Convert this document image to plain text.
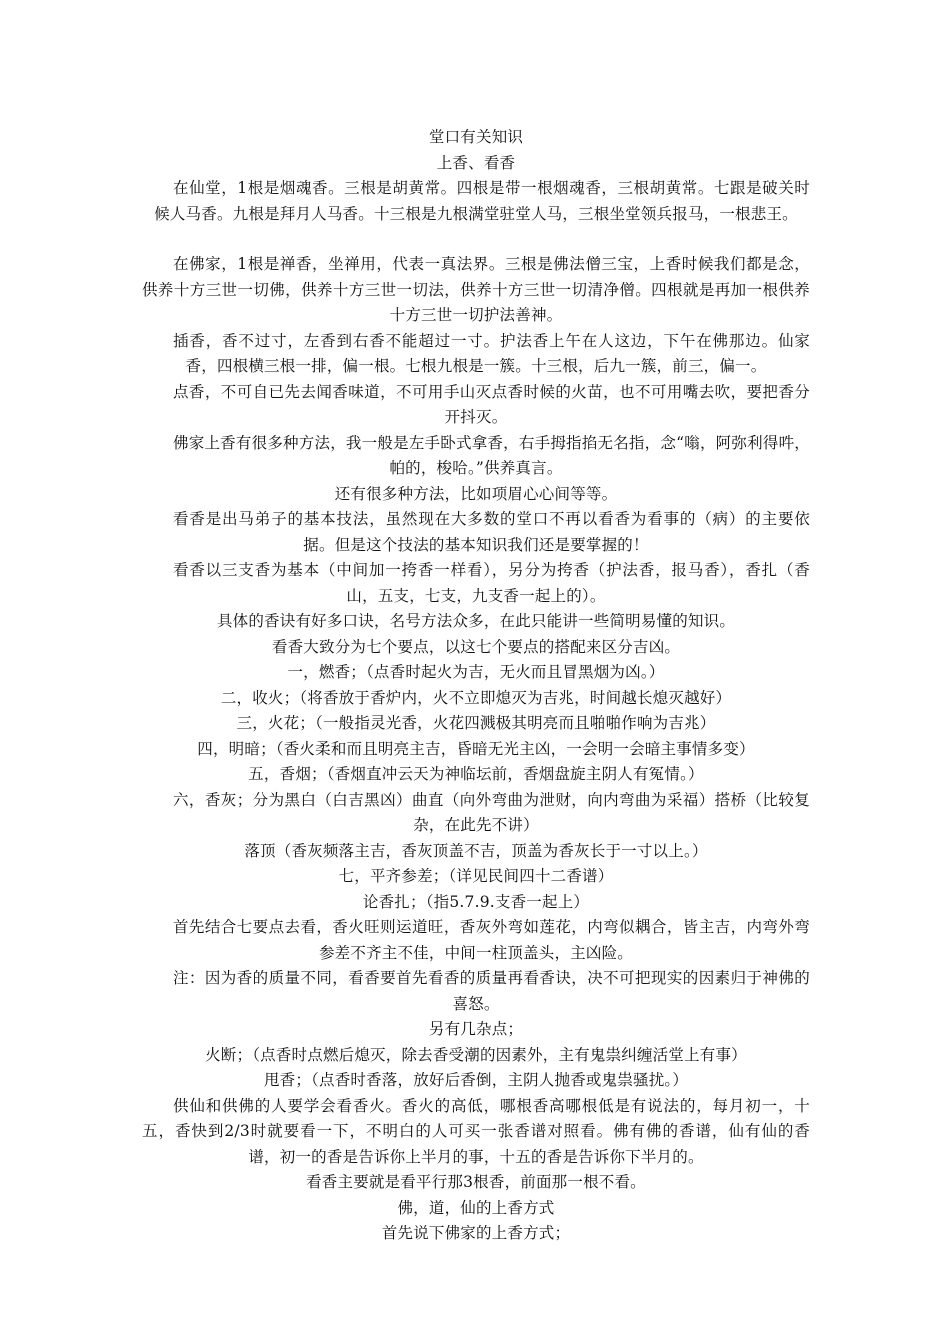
堂口有关知识

上香、看香

在仙堂，1根是烟魂香。三根是胡黄常。四根是带一根烟魂香，三根胡黄常。七跟是破关时候人马香。九根是拜月人马香。十三根是九根满堂驻堂人马，三根坐堂领兵报马，一根悲王。

在佛家，1根是禅香，坐禅用，代表一真法界。三根是佛法僧三宝，上香时候我们都是念，供养十方三世一切佛，供养十方三世一切法，供养十方三世一切清净僧。四根就是再加一根供养十方三世一切护法善神。

插香，香不过寸，左香到右香不能超过一寸。护法香上午在人这边，下午在佛那边。仙家香，四根横三根一排，偏一根。七根九根是一簇。十三根，后九一簇，前三，偏一。

点香，不可自已先去闻香味道，不可用手山灭点香时候的火苗，也不可用嘴去吹，要把香分开抖灭。

佛家上香有很多种方法，我一般是左手卧式拿香，右手拇指掐无名指，念“嗡，阿弥利得吽，帕的，梭哈。”供养真言。

还有很多种方法，比如项眉心心间等等。

看香是出马弟子的基本技法，虽然现在大多数的堂口不再以看香为看事的（病）的主要依据。但是这个技法的基本知识我们还是要掌握的！

看香以三支香为基本（中间加一挎香一样看），另分为挎香（护法香，报马香），香扎（香山，五支，七支，九支香一起上的）。

具体的香诀有好多口诀，名号方法众多，在此只能讲一些简明易懂的知识。

看香大致分为七个要点，以这七个要点的搭配来区分吉凶。

一，燃香；（点香时起火为吉，无火而且冒黑烟为凶。）

二，收火；（将香放于香炉内，火不立即熄灭为吉兆，时间越长熄灭越好）

三，火花；（一般指灵光香，火花四溅极其明亮而且啪啪作响为吉兆）

四，明暗；（香火柔和而且明亮主吉，昏暗无光主凶，一会明一会暗主事情多变）

五，香烟；（香烟直冲云天为神临坛前，香烟盘旋主阴人有冤情。）

六，香灰；分为黑白（白吉黑凶）曲直（向外弯曲为泄财，向内弯曲为采福）搭桥（比较复杂，在此先不讲）

落顶（香灰频落主吉，香灰顶盖不吉，顶盖为香灰长于一寸以上。）

七，平齐参差；（详见民间四十二香谱）

论香扎；（指5.7.9.支香一起上）

首先结合七要点去看，香火旺则运道旺，香灰外弯如莲花，内弯似耦合，皆主吉，内弯外弯参差不齐主不佳，中间一柱顶盖头，主凶险。

注：因为香的质量不同，看香要首先看香的质量再看香诀，决不可把现实的因素归于神佛的喜怒。

另有几杂点；

火断；（点香时点燃后熄灭，除去香受潮的因素外，主有鬼祟纠缠活堂上有事）

甩香；（点香时香落，放好后香倒，主阴人抛香或鬼祟骚扰。）

供仙和供佛的人要学会看香火。香火的高低，哪根香高哪根低是有说法的，每月初一，十五，香快到2/3时就要看一下，不明白的人可买一张香谱对照看。佛有佛的香谱，仙有仙的香谱，初一的香是告诉你上半月的事，十五的香是告诉你下半月的。

看香主要就是看平行那3根香，前面那一根不看。

佛，道，仙的上香方式

首先说下佛家的上香方式；
